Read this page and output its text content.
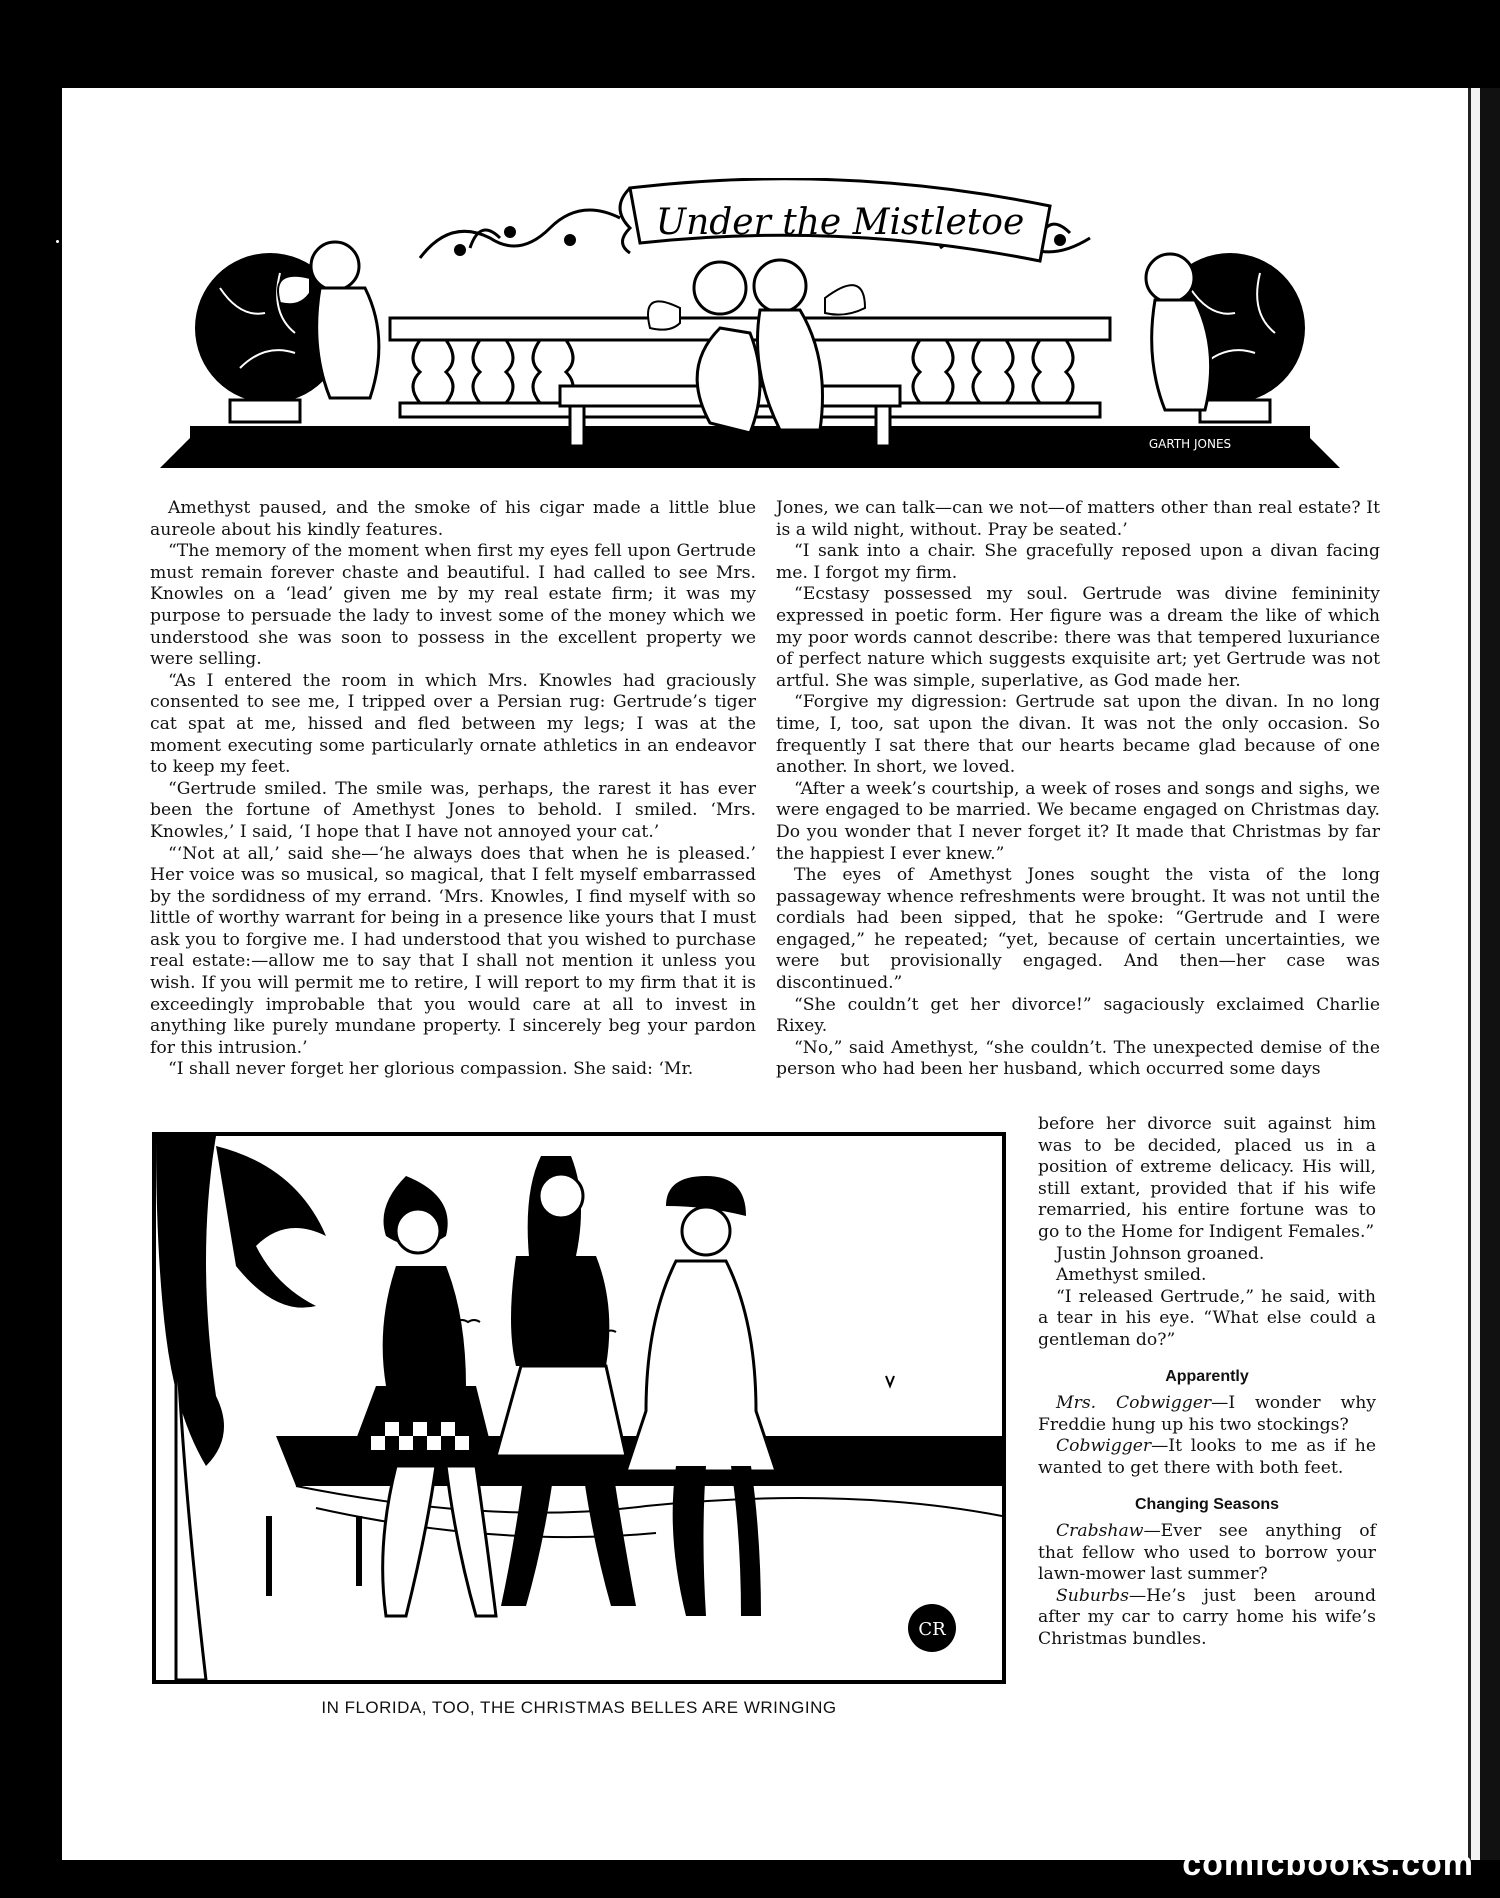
Under the Mistletoe
GARTH JONES

Amethyst paused, and the smoke of his cigar made a little blue aureole about his kindly features.

“The memory of the moment when first my eyes fell upon Gertrude must remain forever chaste and beautiful. I had called to see Mrs. Knowles on a ‘lead’ given me by my real estate firm; it was my purpose to persuade the lady to invest some of the money which we understood she was soon to possess in the excellent property we were selling.

“As I entered the room in which Mrs. Knowles had graciously consented to see me, I tripped over a Persian rug: Gertrude’s tiger cat spat at me, hissed and fled between my legs; I was at the moment executing some particularly ornate athletics in an endeavor to keep my feet.

“Gertrude smiled. The smile was, perhaps, the rarest it has ever been the fortune of Amethyst Jones to behold. I smiled. ‘Mrs. Knowles,’ I said, ‘I hope that I have not annoyed your cat.’

“‘Not at all,’ said she—‘he always does that when he is pleased.’ Her voice was so musical, so magical, that I felt myself embarrassed by the sordidness of my errand. ‘Mrs. Knowles, I find myself with so little of worthy warrant for being in a presence like yours that I must ask you to forgive me. I had understood that you wished to purchase real estate:—allow me to say that I shall not mention it unless you wish. If you will permit me to retire, I will report to my firm that it is exceedingly improbable that you would care at all to invest in anything like purely mundane property. I sincerely beg your pardon for this intrusion.’

“I shall never forget her glorious compassion. She said: ‘Mr.

Jones, we can talk—can we not—of matters other than real estate? It is a wild night, without. Pray be seated.’

“I sank into a chair. She gracefully reposed upon a divan facing me. I forgot my firm.

“Ecstasy possessed my soul. Gertrude was divine femininity expressed in poetic form. Her figure was a dream the like of which my poor words cannot describe: there was that tempered luxuriance of perfect nature which suggests exquisite art; yet Gertrude was not artful. She was simple, superlative, as God made her.

“Forgive my digression: Gertrude sat upon the divan. In no long time, I, too, sat upon the divan. It was not the only occasion. So frequently I sat there that our hearts became glad because of one another. In short, we loved.

“After a week’s courtship, a week of roses and songs and sighs, we were engaged to be married. We became engaged on Christmas day. Do you wonder that I never forget it? It made that Christmas by far the happiest I ever knew.”

The eyes of Amethyst Jones sought the vista of the long passageway whence refreshments were brought. It was not until the cordials had been sipped, that he spoke: “Gertrude and I were engaged,” he repeated; “yet, because of certain uncertainties, we were but provisionally engaged. And then—her case was discontinued.”

“She couldn’t get her divorce!” sagaciously exclaimed Charlie Rixey.

“No,” said Amethyst, “she couldn’t. The unexpected demise of the person who had been her husband, which occurred some days

before her divorce suit against him was to be decided, placed us in a position of extreme delicacy. His will, still extant, provided that if his wife remarried, his entire fortune was to go to the Home for Indigent Females.”

Justin Johnson groaned.

Amethyst smiled.

“I released Gertrude,” he said, with a tear in his eye. “What else could a gentleman do?”

Apparently

Mrs. Cobwigger—I wonder why Freddie hung up his two stockings?

Cobwigger—It looks to me as if he wanted to get there with both feet.

Changing Seasons

Crabshaw—Ever see anything of that fellow who used to borrow your lawn-mower last summer?

Suburbs—He’s just been around after my car to carry home his wife’s Christmas bundles.

CR
IN FLORIDA, TOO, THE CHRISTMAS BELLES ARE WRINGING
comicbooks.com
